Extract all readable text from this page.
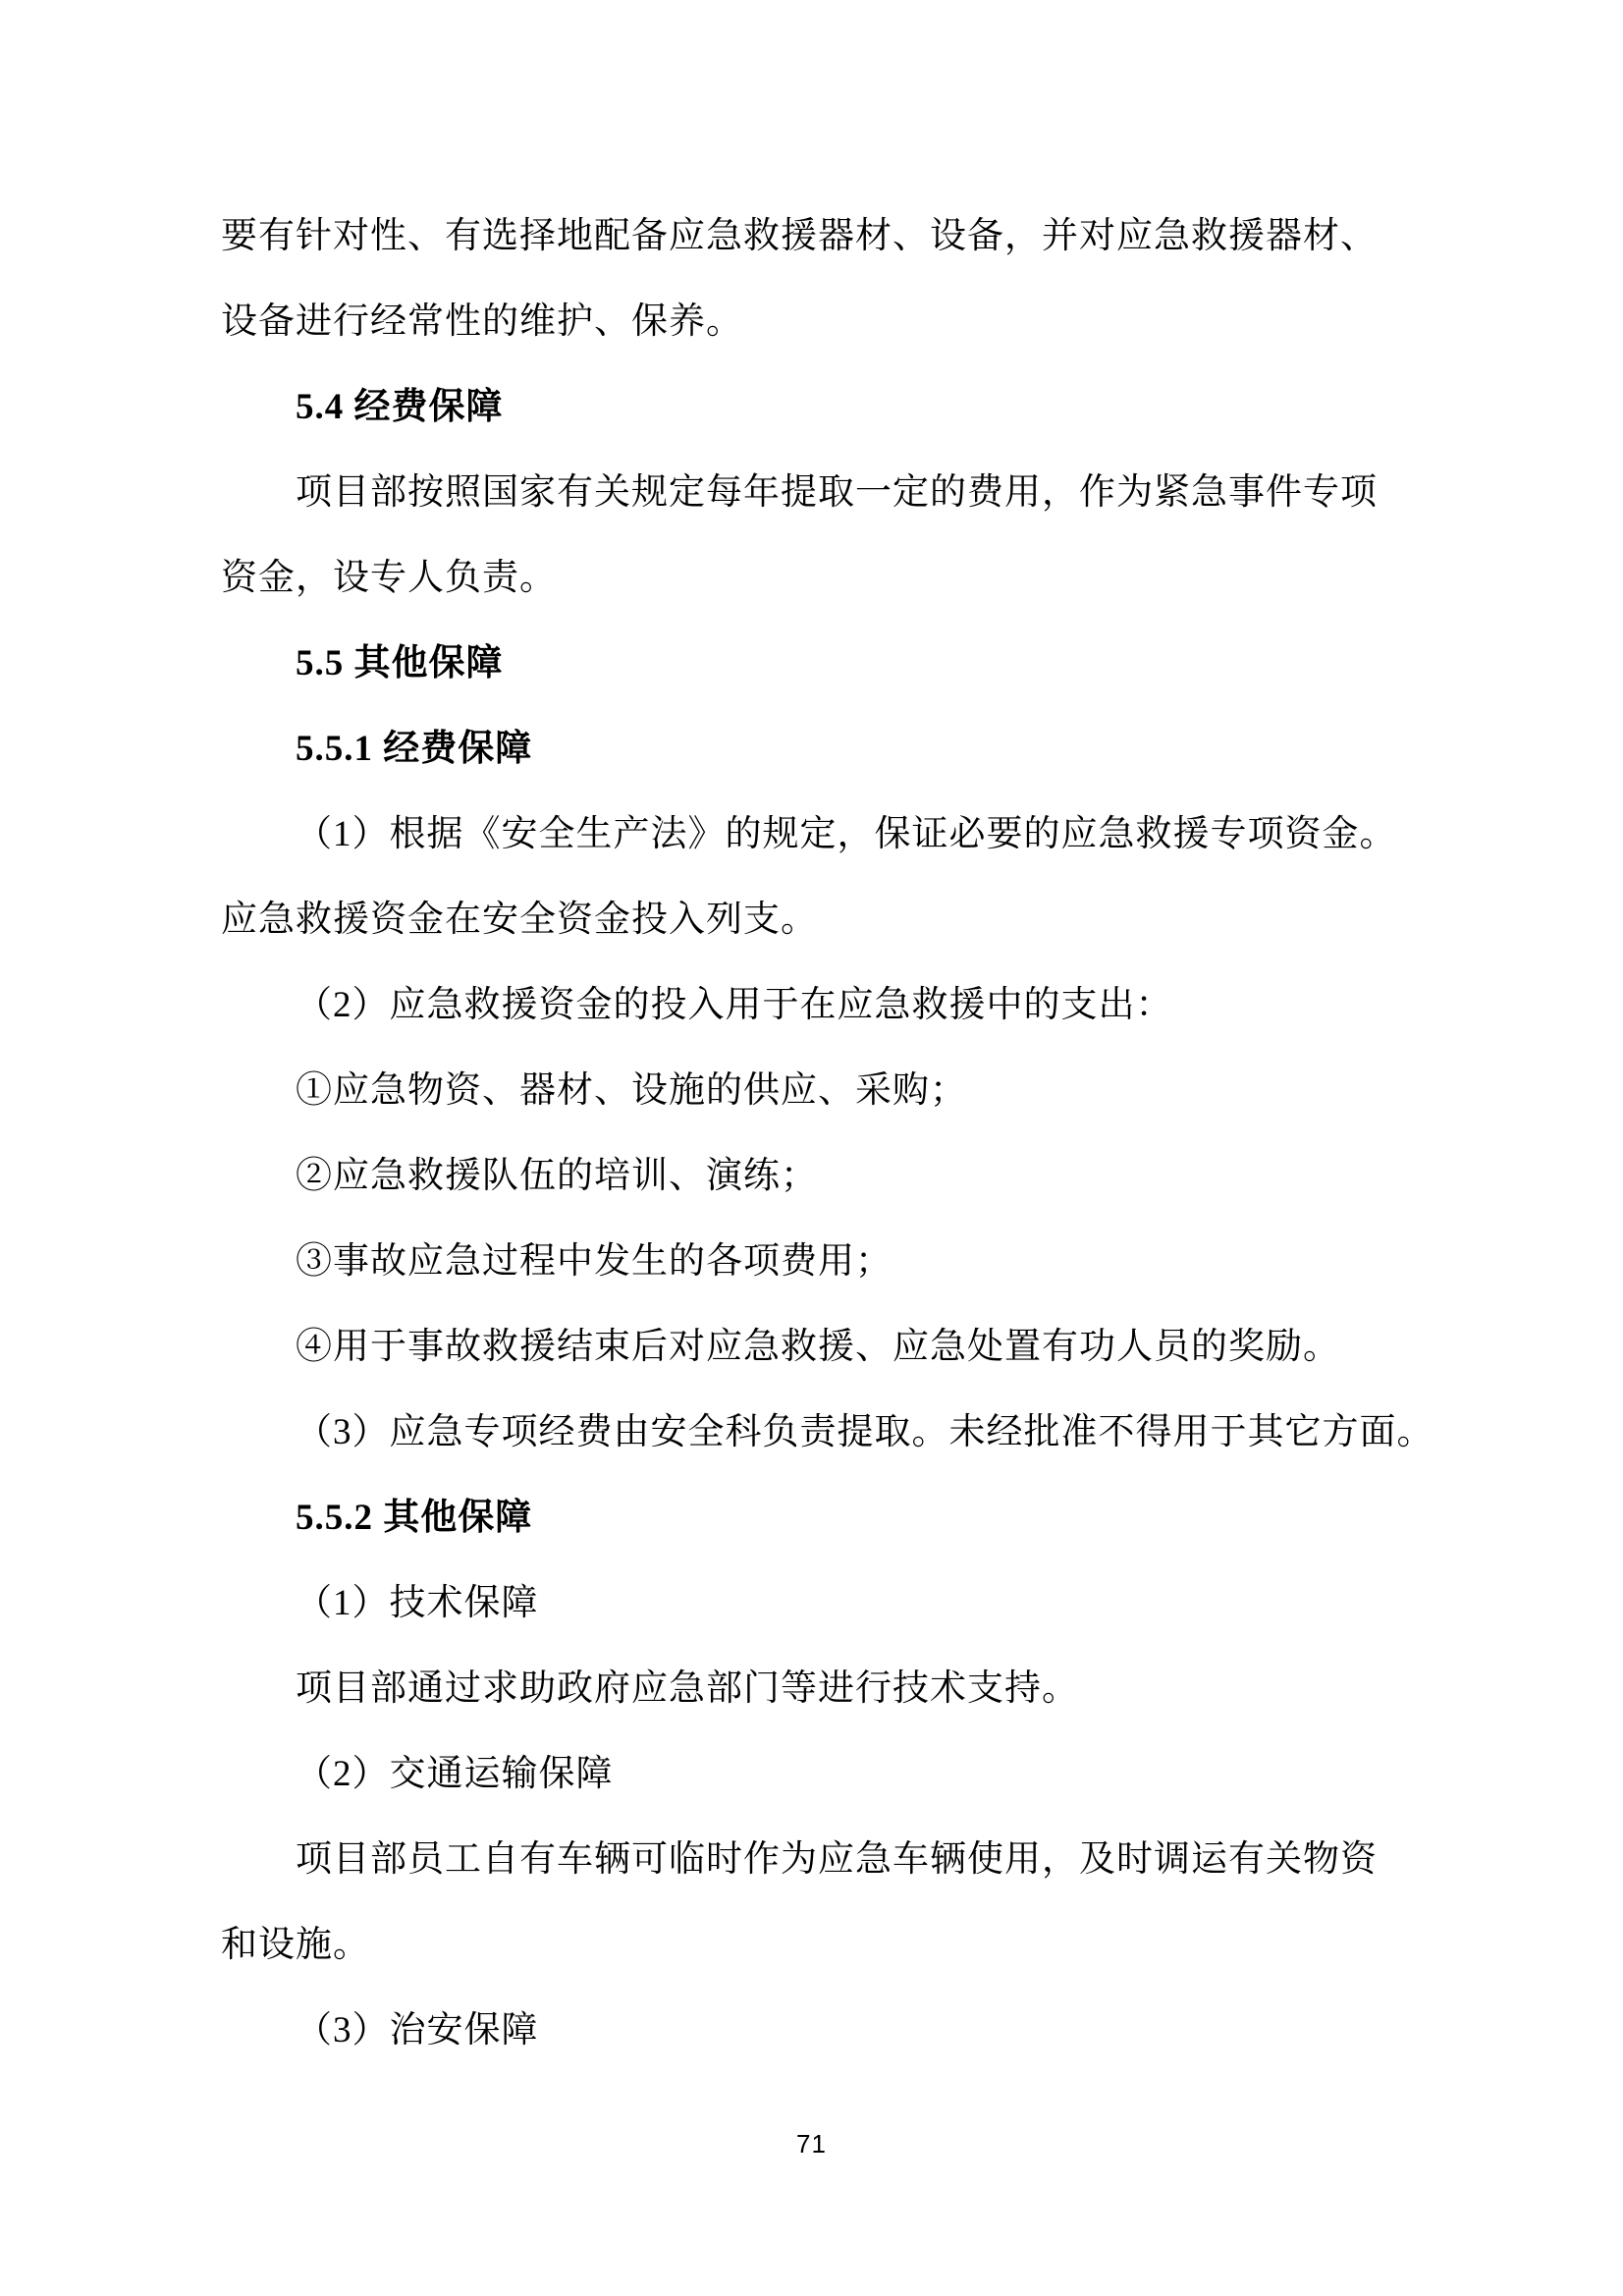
要有针对性、有选择地配备应急救援器材、设备，并对应急救援器材、
设备进行经常性的维护、保养。
5.4 经费保障
项目部按照国家有关规定每年提取一定的费用，作为紧急事件专项
资金，设专人负责。
5.5 其他保障
5.5.1 经费保障
（1）根据《安全生产法》的规定，保证必要的应急救援专项资金。
应急救援资金在安全资金投入列支。
（2）应急救援资金的投入用于在应急救援中的支出：
①应急物资、器材、设施的供应、采购；
②应急救援队伍的培训、演练；
③事故应急过程中发生的各项费用；
④用于事故救援结束后对应急救援、应急处置有功人员的奖励。
（3）应急专项经费由安全科负责提取。未经批准不得用于其它方面。
5.5.2 其他保障
（1）技术保障
项目部通过求助政府应急部门等进行技术支持。
（2）交通运输保障
项目部员工自有车辆可临时作为应急车辆使用，及时调运有关物资
和设施。
（3）治安保障
71
